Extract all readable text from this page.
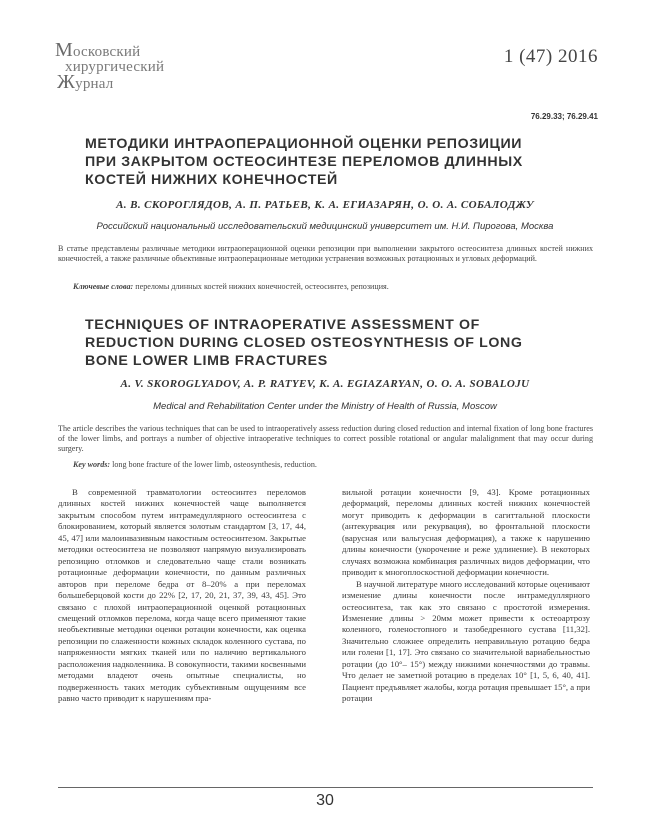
Московский
хирургический
Журнал
1 (47) 2016
76.29.33; 76.29.41
МЕТОДИКИ ИНТРАОПЕРАЦИОННОЙ ОЦЕНКИ РЕПОЗИЦИИ ПРИ ЗАКРЫТОМ ОСТЕОСИНТЕЗЕ ПЕРЕЛОМОВ ДЛИННЫХ КОСТЕЙ НИЖНИХ КОНЕЧНОСТЕЙ
А. В. СКОРОГЛЯДОВ, А. П. РАТЬЕВ, К. А. ЕГИАЗАРЯН, О. О. А. СОБАЛОДЖУ
Российский национальный исследовательский медицинский университет им. Н.И. Пирогова, Москва
В статье представлены различные методики интраоперационной оценки репозиции при выполнении закрытого остеосинтеза длинных костей нижних конечностей, а также различные объективные интраоперационные методики устранения возможных ротационных и угловых деформаций.
Ключевые слова: переломы длинных костей нижних конечностей, остеосинтез, репозиция.
TECHNIQUES OF INTRAOPERATIVE ASSESSMENT OF REDUCTION DURING CLOSED OSTEOSYNTHESIS OF LONG BONE LOWER LIMB FRACTURES
A. V. SKOROGLYADOV, A. P. RATYEV, K. A. EGIAZARYAN, O. O. A. SOBALOJU
Medical and Rehabilitation Center under the Ministry of Health of Russia, Moscow
The article describes the various techniques that can be used to intraoperatively assess reduction during closed reduction and internal fixation of long bone fractures of the lower limbs, and portrays a number of objective intraoperative techniques to correct possible rotational or angular malalignment that may occur during surgery.
Key words: long bone fracture of the lower limb, osteosynthesis, reduction.

В современной травматологии остеосинтез переломов длинных костей нижних конечностей чаще выполняется закрытым способом путем интрамедуллярного остеосинтеза с блокированием, который является золотым стандартом [3, 17, 44, 45, 47] или малоинвазивным накостным остеосинтезом. Закрытые методики остеосинтеза не позволяют напрямую визуализировать репозицию отломков и следовательно чаще стали возникать ротационные деформации конечности, по данным различных авторов при переломе бедра от 8–20% а при переломах большеберцовой кости до 22% [2, 17, 20, 21, 37, 39, 43, 45]. Это связано с плохой интраоперационной оценкой ротационных смещений отломков перелома, когда чаще всего применяют такие необъективные методики оценки ротации конечности, как оценка репозиции по слаженности кожных складок коленного сустава, по напряженности мягких тканей или по наличию вертикального расположения надколенника. В совокупности, такими косвенными методами владеют очень опытные специалисты, но подверженность таких методик субъективным ощущениям все равно часто приводит к нарушениям пра-

вильной ротации конечности [9, 43]. Кроме ротационных деформаций, переломы длинных костей нижних конечностей могут приводить к деформации в сагиттальной плоскости (антекурвация или рекурвация), во фронтальной плоскости (варусная или вальгусная деформация), а также к нарушению длины конечности (укорочение и реже удлинение). В некоторых случаях возможна комбинация различных видов деформации, что приводит к многоплоскостной деформации конечности.

В научной литературе много исследований которые оценивают изменение длины конечности после интрамедуллярного остеосинтеза, так как это связано с простотой измерения. Изменение длины > 20мм может привести к остеоартрозу коленного, голеностопного и тазобедренного сустава [11,32]. Значительно сложнее определить неправильную ротацию бедра или голени [1, 17]. Это связано со значительной вариабельностью ротации (до 10°– 15°) между нижними конечностями до травмы. Что делает не заметной ротацию в пределах 10° [1, 5, 6, 40, 41]. Пациент предъявляет жалобы, когда ротация превышает 15°, а при ротации

30
